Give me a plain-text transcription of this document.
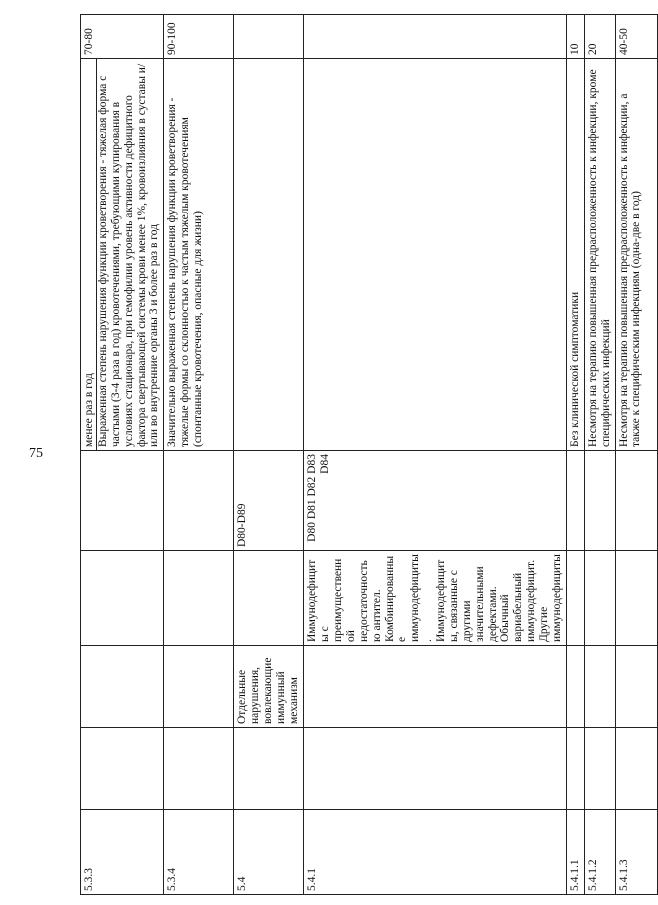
75
5.3.3					менее раз в год Выраженная степень нарушения функции кроветворения - тяжелая форма с частыми (3-4 раза в год) кровотечениями, требующими купирования в условиях стационара, при гемофилии уровень активности дефицитного фактора свертывающей системы крови менее 1%, кровоизлияния в суставы и/или во внутренние органы 3 и более раз в год	70-80
5.3.4					Значительно выраженная степень нарушения функции кроветворения - тяжелые формы со склонностью к частым тяжелым кровотечениям (спонтанные кровотечения, опасные для жизни)	90-100
5.4		Отдельные нарушения, вовлекающие иммунный механизм		D80-D89		
5.4.1			Иммунодефициты с преимущественной недостаточностью антител. Комбинированные иммунодефициты. Иммунодефициты, связанные с другими значительными дефектами. Обычный вариабельный иммунодефицит. Другие иммунодефициты	D80 D81 D82 D83 D84		
5.4.1.1					Без клинической симптоматики	10
5.4.1.2					Несмотря на терапию повышенная предрасположенность к инфекции, кроме специфических инфекций	20
5.4.1.3					Несмотря на терапию повышенная предрасположенность к инфекции, а также к специфическим инфекциям (одна-две в год)	40-50
